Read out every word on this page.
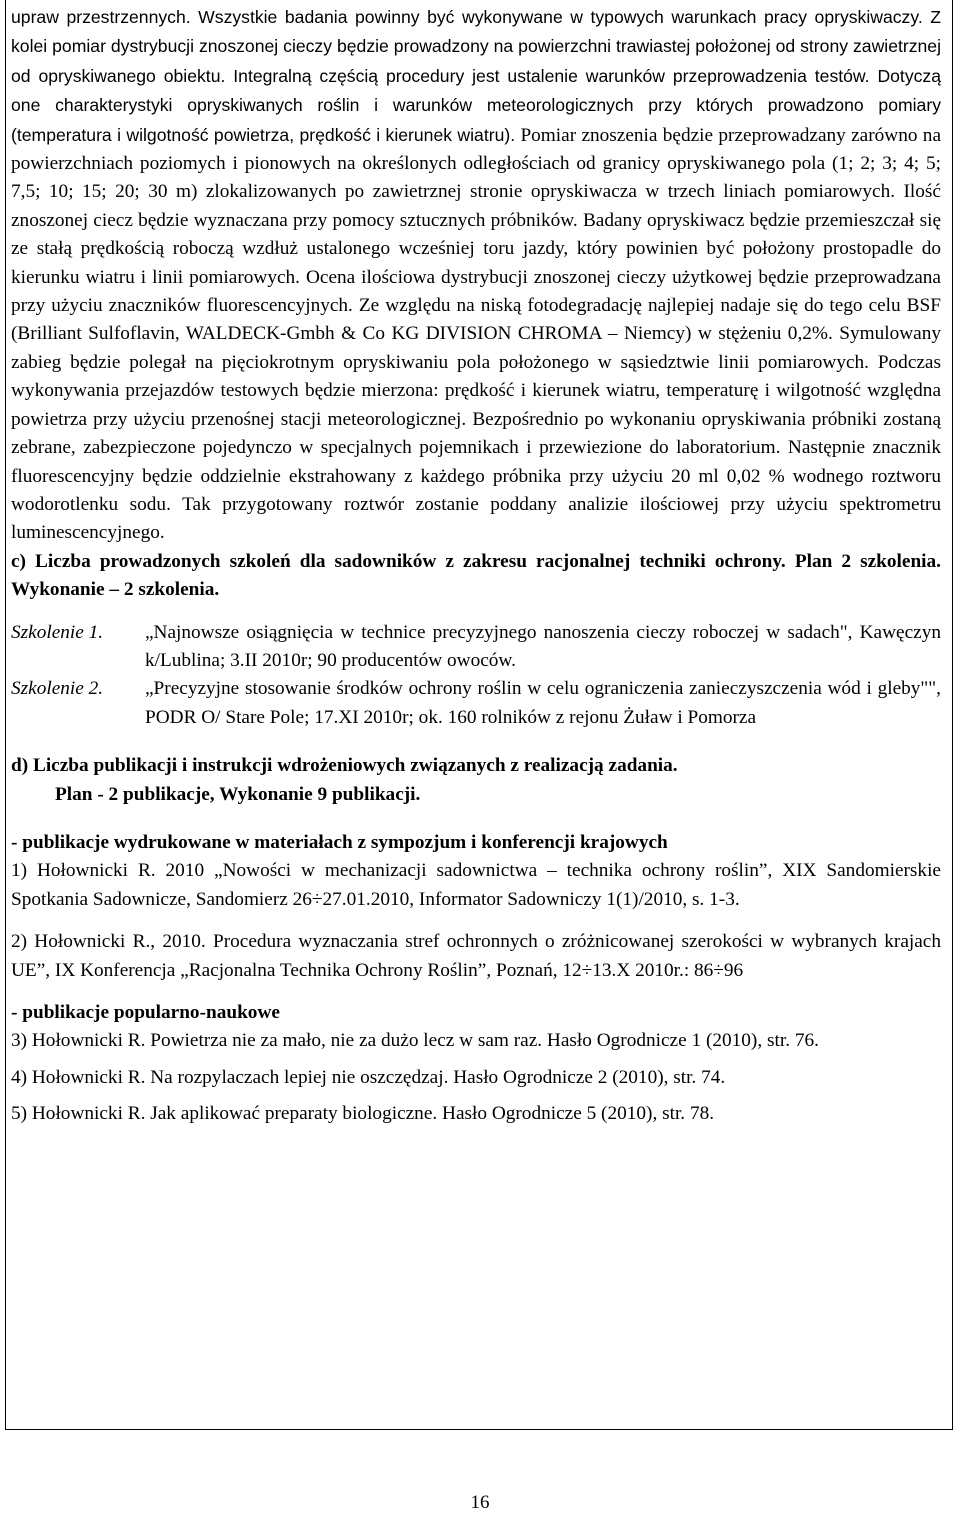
upraw przestrzennych. Wszystkie badania powinny być wykonywane w typowych warunkach pracy opryskiwaczy. Z kolei pomiar dystrybucji znoszonej cieczy będzie prowadzony na powierzchni trawiastej położonej od strony zawietrznej od opryskiwanego obiektu. Integralną częścią procedury jest ustalenie warunków przeprowadzenia testów. Dotyczą one charakterystyki opryskiwanych roślin i warunków meteorologicznych przy których prowadzono pomiary (temperatura i wilgotność powietrza, prędkość i kierunek wiatru). Pomiar znoszenia będzie przeprowadzany zarówno na powierzchniach poziomych i pionowych na określonych odległościach od granicy opryskiwanego pola (1; 2; 3; 4; 5; 7,5; 10; 15; 20; 30 m) zlokalizowanych po zawietrznej stronie opryskiwacza w trzech liniach pomiarowych. Ilość znoszonej ciecz będzie wyznaczana przy pomocy sztucznych próbników. Badany opryskiwacz będzie przemieszczał się ze stałą prędkością roboczą wzdłuż ustalonego wcześniej toru jazdy, który powinien być położony prostopadle do kierunku wiatru i linii pomiarowych. Ocena ilościowa dystrybucji znoszonej cieczy użytkowej będzie przeprowadzana przy użyciu znaczników fluorescencyjnych. Ze względu na niską fotodegradację najlepiej nadaje się do tego celu BSF (Brilliant Sulfoflavin, WALDECK-Gmbh & Co KG DIVISION CHROMA – Niemcy) w stężeniu 0,2%. Symulowany zabieg będzie polegał na pięciokrotnym opryskiwaniu pola położonego w sąsiedztwie linii pomiarowych. Podczas wykonywania przejazdów testowych będzie mierzona: prędkość i kierunek wiatru, temperaturę i wilgotność względna powietrza przy użyciu przenośnej stacji meteorologicznej. Bezpośrednio po wykonaniu opryskiwania próbniki zostaną zebrane, zabezpieczone pojedynczo w specjalnych pojemnikach i przewiezione do laboratorium. Następnie znacznik fluorescencyjny będzie oddzielnie ekstrahowany z każdego próbnika przy użyciu 20 ml 0,02 % wodnego roztworu wodorotlenku sodu. Tak przygotowany roztwór zostanie poddany analizie ilościowej przy użyciu spektrometru luminescencyjnego.

c) Liczba prowadzonych szkoleń dla sadowników z zakresu racjonalnej techniki ochrony. Plan 2 szkolenia. Wykonanie – 2 szkolenia.

Szkolenie 1.	„Najnowsze osiągnięcia w technice precyzyjnego nanoszenia cieczy roboczej w sadach", Kawęczyn k/Lublina; 3.II 2010r; 90 producentów owoców.
Szkolenie 2.	„Precyzyjne stosowanie środków ochrony roślin w celu ograniczenia zanieczyszczenia wód i gleby"", PODR O/ Stare Pole; 17.XI 2010r; ok. 160 rolników z rejonu Żuław i Pomorza

d) Liczba publikacji i instrukcji wdrożeniowych związanych z realizacją zadania.

Plan - 2 publikacje, Wykonanie 9 publikacji.

- publikacje wydrukowane w materiałach z sympozjum i konferencji krajowych

1) Hołownicki R. 2010 „Nowości w mechanizacji sadownictwa – technika ochrony roślin”, XIX Sandomierskie Spotkania Sadownicze, Sandomierz 26÷27.01.2010, Informator Sadowniczy 1(1)/2010, s. 1-3.

2) Hołownicki R., 2010. Procedura wyznaczania stref ochronnych o zróżnicowanej szerokości w wybranych krajach UE”, IX Konferencja „Racjonalna Technika Ochrony Roślin”, Poznań, 12÷13.X 2010r.: 86÷96

- publikacje popularno-naukowe

3) Hołownicki R. Powietrza nie za mało, nie za dużo lecz w sam raz. Hasło Ogrodnicze 1 (2010), str. 76.

4) Hołownicki R. Na rozpylaczach lepiej nie oszczędzaj. Hasło Ogrodnicze 2 (2010), str. 74.

5) Hołownicki R. Jak aplikować preparaty biologiczne. Hasło Ogrodnicze 5 (2010), str. 78.

16
